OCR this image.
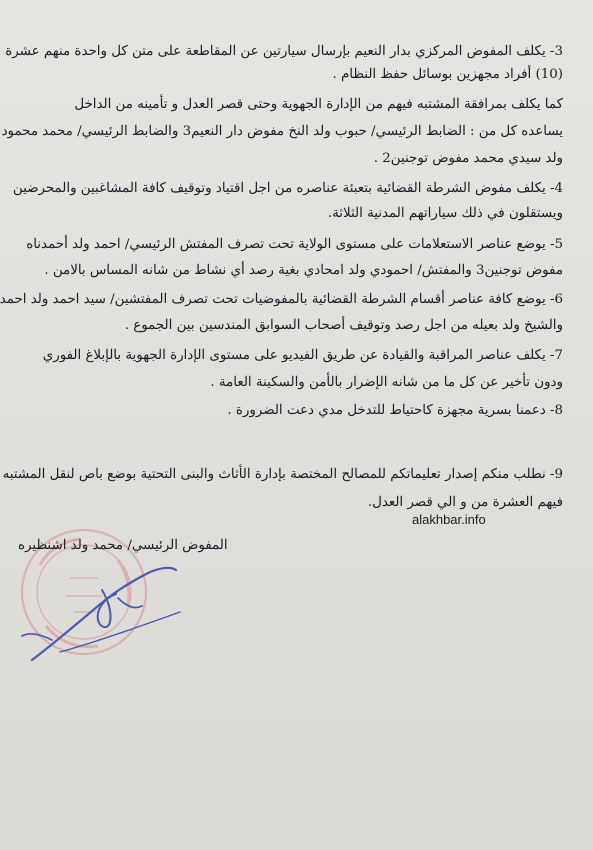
3- يكلف المفوض المركزي بدار النعيم بإرسال سيارتين عن المقاطعة على متن كل واحدة منهم عشرة
(10) أفراد مجهزين بوسائل حفظ النظام .
كما يكلف بمرافقة المشتبه فيهم من الإدارة الجهوية وحتى قصر العدل و تأمينه من الداخل
يساعده كل من : الضابط الرئيسي/ حبوب ولد النخ مفوض دار النعيم3 والضابط الرئيسي/ محمد محمود
ولد سيدي محمد مفوض توجنين2 .
4- يكلف مفوض الشرطة القضائية بتعبئة عناصره من اجل اقتياد وتوقيف كافة المشاغبين والمحرضين
ويستقلون في ذلك سياراتهم المدنية الثلاثة.
5- يوضع عناصر الاستعلامات على مستوى الولاية تحت تصرف المفتش الرئيسي/ احمد ولد أحمدناه
مفوض توجنين3 والمفتش/ احمودي ولد امحادي بغية رصد أي نشاط من شانه المساس بالامن .
6- يوضع كافة عناصر أقسام الشرطة القضائية بالمفوضيات تحت تصرف المفتشين/ سيد احمد ولد احمد
والشيخ ولد بعيله من اجل رصد وتوقيف أصحاب السوابق المندسين بين الجموع .
7- يكلف عناصر المراقبة والقيادة عن طريق الفيديو على مستوى الإدارة الجهوية بالإبلاغ الفوري
ودون تأخير عن كل ما من شانه الإضرار بالأمن والسكينة العامة .
8- دعمنا بسرية مجهزة كاحتياط للتدخل مدي دعت الضرورة .
9- نطلب منكم إصدار تعليماتكم للمصالح المختصة بإدارة الأثاث والبنى التحتية بوضع باص لنقل المشتبه
فيهم العشرة من و الي قصر العدل.
alakhbar.info
المفوض الرئيسي/ محمد ولد اشنظيره
